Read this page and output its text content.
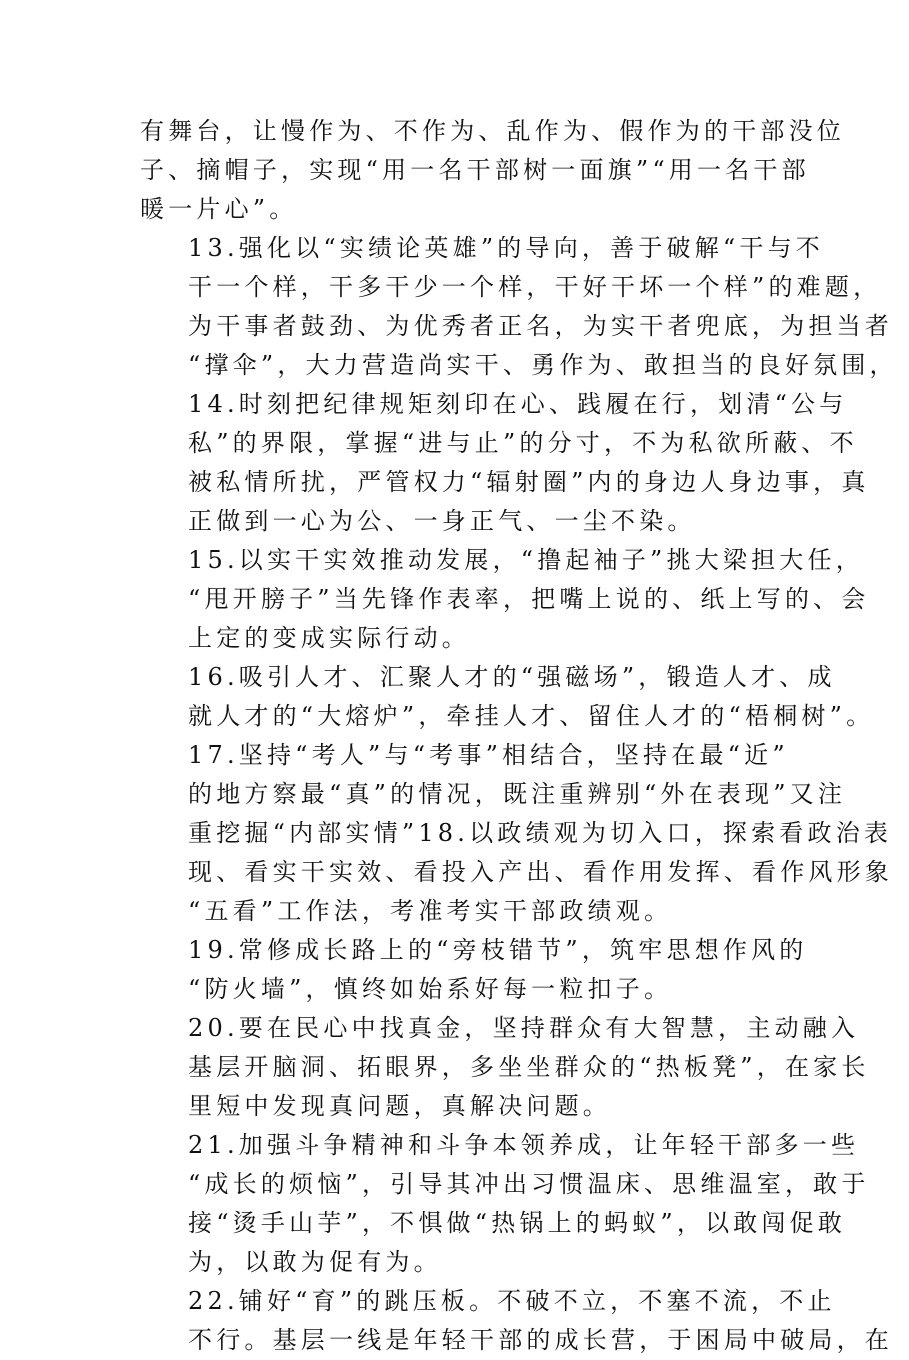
有舞台，让慢作为、不作为、乱作为、假作为的干部没位
子、摘帽子，实现“用一名干部树一面旗”“用一名干部
暖一片心”。
13.强化以“实绩论英雄”的导向，善于破解“干与不
干一个样，干多干少一个样，干好干坏一个样”的难题，
为干事者鼓劲、为优秀者正名，为实干者兜底，为担当者
“撑伞”，大力营造尚实干、勇作为、敢担当的良好氛围，
14.时刻把纪律规矩刻印在心、践履在行，划清“公与
私”的界限，掌握“进与止”的分寸，不为私欲所蔽、不
被私情所扰，严管权力“辐射圈”内的身边人身边事，真
正做到一心为公、一身正气、一尘不染。
15.以实干实效推动发展，“撸起袖子”挑大梁担大任，
“甩开膀子”当先锋作表率，把嘴上说的、纸上写的、会
上定的变成实际行动。
16.吸引人才、汇聚人才的“强磁场”，锻造人才、成
就人才的“大熔炉”，牵挂人才、留住人才的“梧桐树”。
17.坚持“考人”与“考事”相结合，坚持在最“近”
的地方察最“真”的情况，既注重辨别“外在表现”又注
重挖掘“内部实情”18.以政绩观为切入口，探索看政治表
现、看实干实效、看投入产出、看作用发挥、看作风形象
“五看”工作法，考准考实干部政绩观。
19.常修成长路上的“旁枝错节”，筑牢思想作风的
“防火墙”，慎终如始系好每一粒扣子。
20.要在民心中找真金，坚持群众有大智慧，主动融入
基层开脑洞、拓眼界，多坐坐群众的“热板凳”，在家长
里短中发现真问题，真解决问题。
21.加强斗争精神和斗争本领养成，让年轻干部多一些
“成长的烦恼”，引导其冲出习惯温床、思维温室，敢于
接“烫手山芋”，不惧做“热锅上的蚂蚁”，以敢闯促敢
为，以敢为促有为。
22.铺好“育”的跳压板。不破不立，不塞不流，不止
不行。基层一线是年轻干部的成长营，于困局中破局，在
